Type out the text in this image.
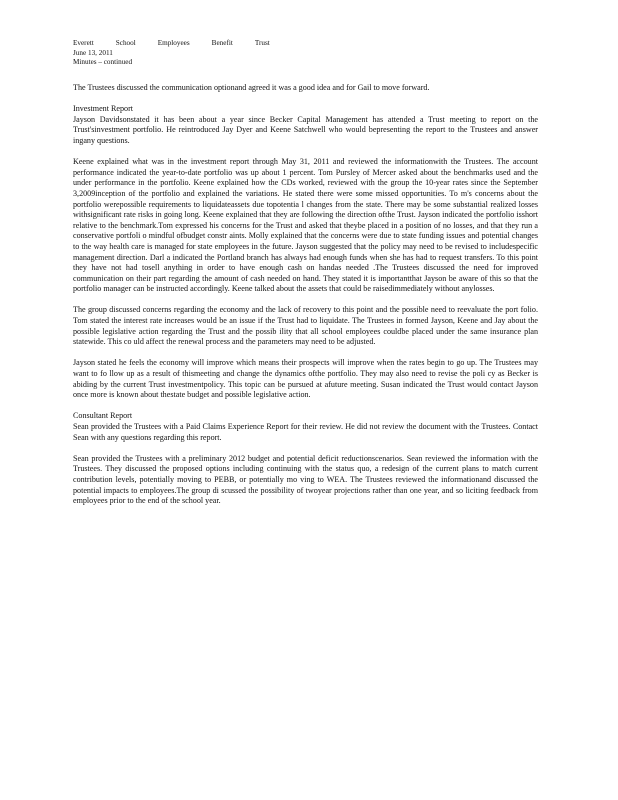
Everett	School	Employees	Benefit	Trust
June 13, 2011
Minutes – continued

The Trustees discussed the communication optionand agreed it was a good idea and for Gail to move forward.

Investment Report

Jayson Davidsonstated it has been about a year since Becker Capital Management has attended a Trust meeting to report on the Trust'sinvestment portfolio. He reintroduced Jay Dyer and Keene Satchwell who would bepresenting the report to the Trustees and answer ingany questions.

Keene explained what was in the investment report through May 31, 2011 and reviewed the informationwith the Trustees. The account performance indicated the year-to-date portfolio was up about 1 percent. Tom Pursley of Mercer asked about the benchmarks used and the under performance in the portfolio. Keene explained how the CDs worked, reviewed with the group the 10-year rates since the September 3,2009inception of the portfolio and explained the variations. He stated there were some missed opportunities. To m's concerns about the portfolio werepossible requirements to liquidateassets due topotentia l changes from the state. There may be some substantial realized losses withsignificant rate risks in going long. Keene explained that they are following the direction ofthe Trust. Jayson indicated the portfolio isshort relative to the benchmark.Tom expressed his concerns for the Trust and asked that theybe placed in a position of no losses, and that they run a conservative portfoli o mindful ofbudget constr aints. Molly explained that the concerns were due to state funding issues and potential changes to the way health care is managed for state employees in the future. Jayson suggested that the policy may need to be revised to includespecific management direction. Darl a indicated the Portland branch has always had enough funds when she has had to request transfers. To this point they have not had tosell anything in order to have enough cash on handas needed .The Trustees discussed the need for improved communication on their part regarding the amount of cash needed on hand. They stated it is importantthat Jayson be aware of this so that the portfolio manager can be instructed accordingly. Keene talked about the assets that could be raisedimmediately without anylosses.

The group discussed concerns regarding the economy and the lack of recovery to this point and the possible need to reevaluate the port folio. Tom stated the interest rate increases would be an issue if the Trust had to liquidate. The Trustees in formed Jayson, Keene and Jay about the possible legislative action regarding the Trust and the possib ility that all school employees couldbe placed under the same insurance plan statewide. This co uld affect the renewal process and the parameters may need to be adjusted.

Jayson stated he feels the economy will improve which means their prospects will improve when the rates begin to go up. The Trustees may want to fo llow up as a result of thismeeting and change the dynamics ofthe portfolio. They may also need to revise the poli cy as Becker is abiding by the current Trust investmentpolicy. This topic can be pursued at afuture meeting. Susan indicated the Trust would contact Jayson once more is known about thestate budget and possible legislative action.

Consultant Report

Sean provided the Trustees with a Paid Claims Experience Report for their review. He did not review the document with the Trustees. Contact Sean with any questions regarding this report.

Sean provided the Trustees with a preliminary 2012 budget and potential deficit reductionscenarios. Sean reviewed the information with the Trustees. They discussed the proposed options including continuing with the status quo, a redesign of the current plans to match current contribution levels, potentially moving to PEBB, or potentially mo ving to WEA. The Trustees reviewed the informationand discussed the potential impacts to employees.The group di scussed the possibility of twoyear projections rather than one year, and so liciting feedback from employees prior to the end of the school year.
